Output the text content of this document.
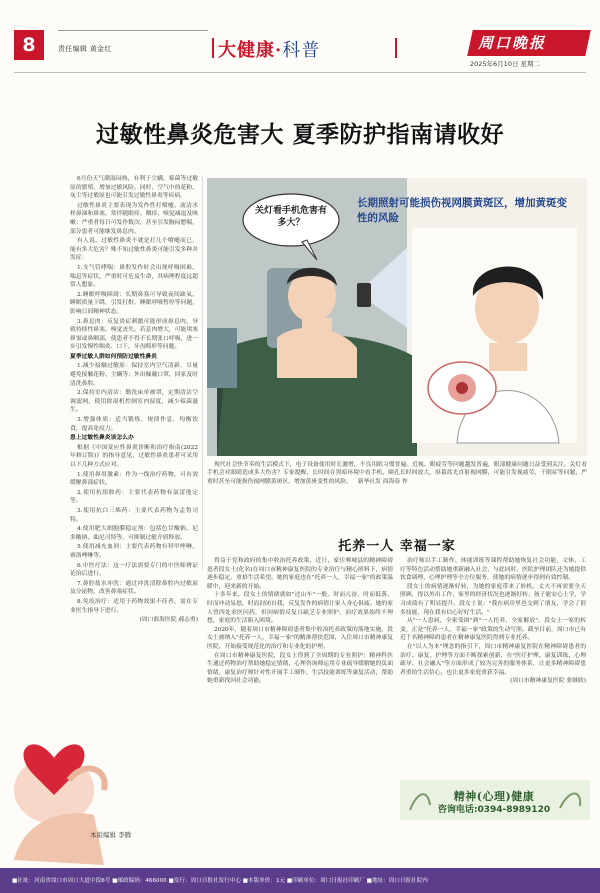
8	责任编辑 黄金红	大健康·科普	周口晚报
2025年6月10日 星期二
过敏性鼻炎危害大 夏季防护指南请收好

6月份天气潮湿闷热，有利于尘螨、霉菌等过敏原的繁殖，增加过敏风险。同时，空气中的花粉、灰尘等过敏原也可能引发过敏性鼻炎等疾病。

过敏性鼻炎主要表现为发作性打喷嚏、流清水样鼻涕和鼻塞，常伴随眼痒、咽痒、嗅觉减退及咳嗽；严重者每日可发作数次，甚至引发胸闷憋喘，部分患者可能继发鼻息肉。

有人说，过敏性鼻炎不就是打几个喷嚏而已，能有多大危害？殊不知过敏性鼻炎可能引发多种并发症：

1.支气管哮喘：鼻腔发作时会出现呼吸困难、喘息等症状，严重时可危及生命，其病理程度远超常人想象。

2.睡眠呼吸障碍：长期鼻塞可导致夜间缺氧、睡眠质量下降，引发打鼾、睡眠呼吸暂停等问题，影响日间精神状态。

3.鼻息肉：反复炎症刺激可能形成鼻息肉，导致持续性鼻塞、嗅觉丧失。若息肉增大，可能堵塞鼻窦或鼻咽部，使患者不得不长期张口呼吸，进一步引发慢性咽炎、口干、牙齿畸形等问题。

夏季过敏人群如何预防过敏性鼻炎

1.减少接触过敏原：保持室内空气清新，尽量避免接触花粉、尘螨等；外出佩戴口罩，回家及时清洗鼻腔。

2.保持室内清洁：勤洗床单被罩，定期清洁空调滤网，使用除湿机控制室内湿度，减少霉菌滋生。

3.增强体质：适当锻炼，规律作息，均衡饮食，提高免疫力。

患上过敏性鼻炎该怎么办

根据《中国变应性鼻炎诊断和治疗指南(2022年修订版)》的指导意见，过敏性鼻炎患者可采用以下几种方式应对。

1.使用鼻用激素：作为一线治疗药物，可有效缓解鼻部症状。

2.使用抗组胺药：主要代表药物有氯雷他定等。

3.使用抗白三烯药：主要代表药物为孟鲁司特。

4.使用肥大细胞膜稳定剂：包括色甘酸钠、尼多酸钠、曲尼司特等，可抑制过敏介质释放。

5.使用减充血剂：主要代表药物有羟甲唑啉、赛洛唑啉等。

6.中医疗法：这一疗法需要专门的中医师辨证论治后进行。

7.鼻腔盐水冲洗：通过冲洗清除鼻腔内过敏原及分泌物，改善鼻塞症状。

8.免疫治疗：适用于药物效果不佳者，需在专业医生指导下进行。

(周口淮海医院 郝志勇)

本版编辑 李腾
关灯看手机危害有多大？
长期照射可能损伤视网膜黄斑区，增加黄斑变性的风险
现代社会快节奏的生活模式下，电子设备使用时长激增，不良用眼习惯普遍。近视、眼疲劳等问题越发普遍，眼部健康问题日益受到关注。关灯看手机会对眼睛造成多大伤害？专家提醒，长时间在黑暗环境中看手机，瞳孔长时间放大，屏幕蓝光直射视网膜，可能引发视疲劳、干眼症等问题，严重时甚至可能损伤视网膜黄斑区，增加黄斑变性的风险。 新华社发 商海春 作
托养一人 幸福一家

得益于党和政府的集中收治托养政策，近日，家住郸城县的精神障碍患者段女士(化名)在周口市精神康复医院的专业治疗与精心照料下，病情逐步稳定，重拾生活希望。她的家庭也在"托养一人，幸福一家"的政策温暖中，迎来新的开始。

十多年来，段女士的情绪就如"过山车"一般，时而亢奋、时而低落，时而冲动易怒，时而封闭自我，反复发作的病情让家人身心俱疲。她的家人曾四处求医问药，但因病情反复且缺乏专业照护，治疗效果始终不理想，家庭的生活陷入困境。

2020年，随着周口市精神障碍患者集中收治托养政策的落地实施，段女士被纳入"托养一人，幸福一家"的精准帮扶范围，入住周口市精神康复医院，开始接受规范化的治疗和专业化的护理。

在周口市精神康复医院，段女士得到了全周期的专业照护：精神科医生通过药物治疗帮助她稳定情绪，心理咨询师运用专业疏导缓解她的负面情绪，康复治疗师针对性开展手工制作、生活技能训练等康复活动，帮助她重新找回社会功能。

治疗师以手工制作、体能训练等课程帮助她恢复社会功能，文体、工疗等特色活动帮助她重新融入社会，与此同时，医院护理团队还为她提供饮食调理、心理护理等全方位服务，使她的病情逐步得到有效控制。

段女士的病情逐渐好转，为她的家庭带来了转机。丈夫不再需要全天照顾，得以外出工作，家里的经济状况也逐渐好转；孩子能安心上学，学习成绩有了明显提升。段女士说："我在病房里也交到了朋友，学会了很多技能，现在我有信心好好生活。"

从"一人患病，全家受困"到"一人托养，全家解放"，段女士一家的转变，正是"托养一人，幸福一家"政策的生动写照。截至目前，周口市已有近千名精神障碍患者在精神康复医院得到专业托养。

在"以人为本"理念的指引下，周口市精神康复医院在精神障碍患者的治疗、康复、护理等方面不断探索创新，在"医疗护理、康复训练、心理疏导、社会融入"等方面形成了较为完善的服务体系，让更多精神障碍患者重拾生活信心，也让更多家庭重获幸福。

(周口市精神康复医院 张继联)

精神(心理)健康
咨询电话:0394-8989120
■社址：河南省周口市周口大道中段6号 ■邮政编码：466000 ■发行：周口日报社发行中心 ■本版单价：1元 ■印刷单位：周口日报社印刷厂 ■地址：周口日报社院内
